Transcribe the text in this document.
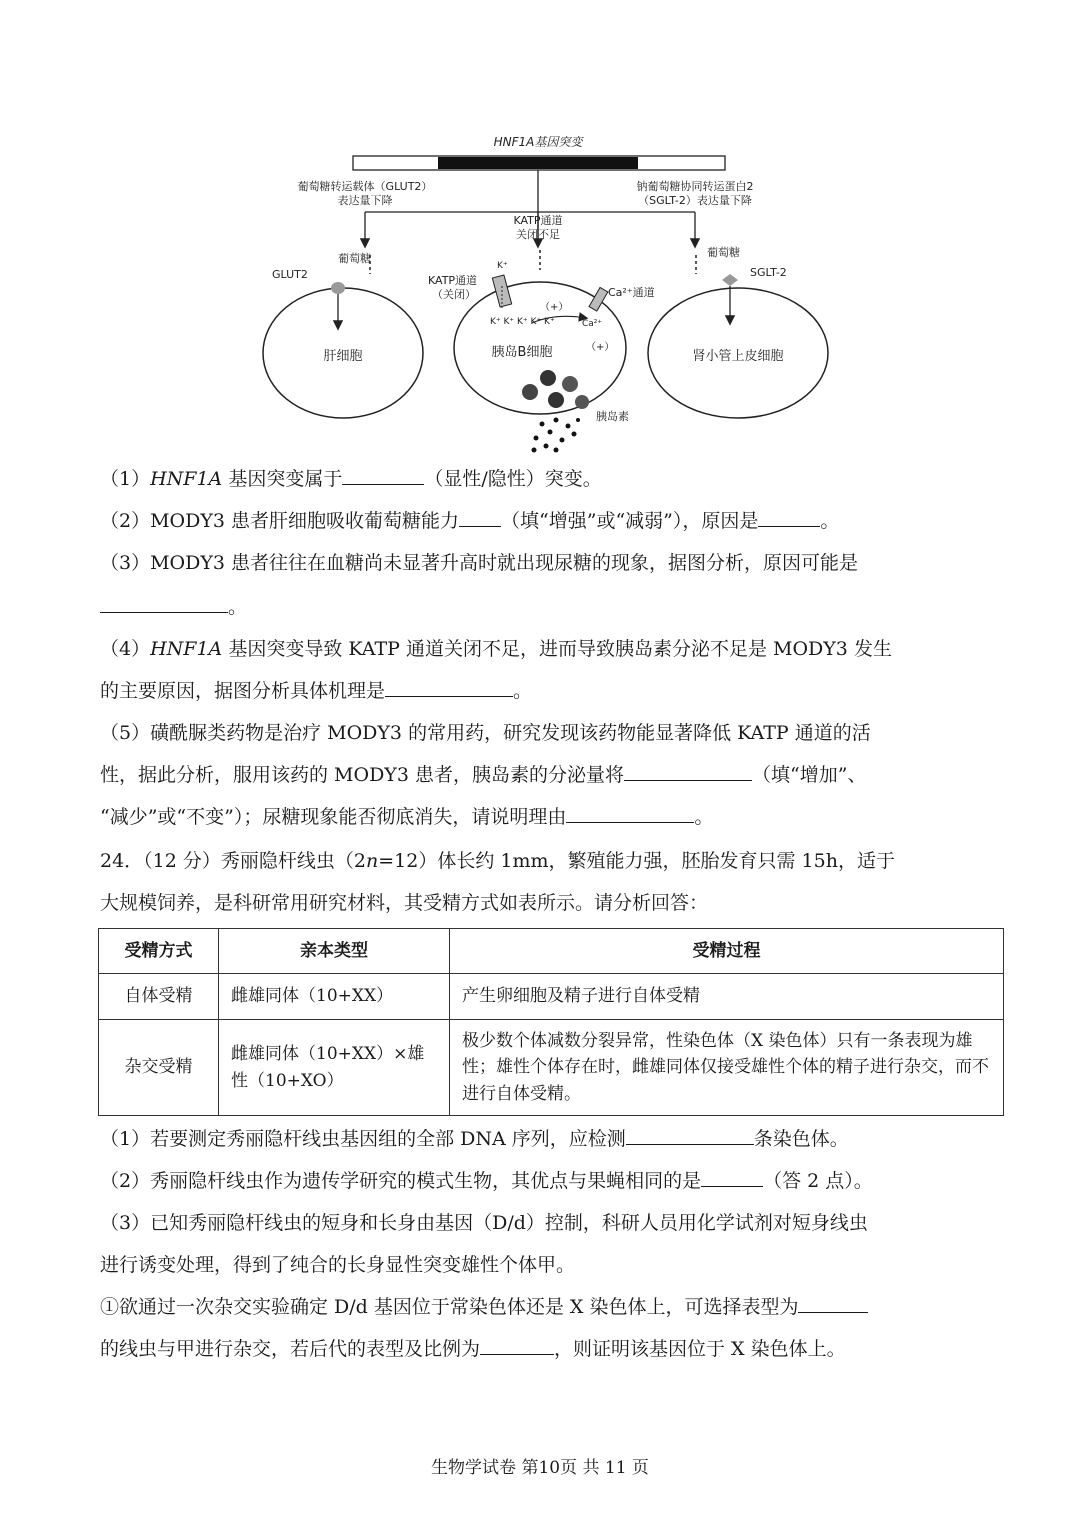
HNF1A基因突变
葡萄糖转运载体（GLUT2）
表达量下降
钠葡萄糖协同转运蛋白2
（SGLT-2）表达量下降
KATP通道
关闭不足
葡萄糖	葡萄糖
GLUT2
肝细胞
SGLT-2
肾小管上皮细胞
KATP通道
（关闭）
K⁺
K⁺ K⁺ K⁺ K⁺ K⁺
（+）
Ca²⁺通道
Ca²⁺
（+）
胰岛B细胞
胰岛素
（1）HNF1A 基因突变属于	（显性/隐性）突变。
（2）MODY3 患者肝细胞吸收葡萄糖能力 （填“增强”或“减弱”），原因是	。
（3）MODY3 患者往往在血糖尚未显著升高时就出现尿糖的现象，据图分析，原因可能是
。
（4）HNF1A 基因突变导致 KATP 通道关闭不足，进而导致胰岛素分泌不足是 MODY3 发生
的主要原因，据图分析具体机理是	。
（5）磺酰脲类药物是治疗 MODY3 的常用药，研究发现该药物能显著降低 KATP 通道的活
性，据此分析，服用该药的 MODY3 患者，胰岛素的分泌量将	（填“增加”、
“减少”或“不变”）；尿糖现象能否彻底消失，请说明理由	。
24．（12 分）秀丽隐杆线虫（2n=12）体长约 1mm，繁殖能力强，胚胎发育只需 15h，适于
大规模饲养，是科研常用研究材料，其受精方式如表所示。请分析回答：
受精方式	亲本类型	受精过程
自体受精	雌雄同体（10+XX）	产生卵细胞及精子进行自体受精
杂交受精	雌雄同体（10+XX）×雄性（10+XO）	极少数个体减数分裂异常，性染色体（X 染色体）只有一条表现为雄性；雄性个体存在时，雌雄同体仅接受雄性个体的精子进行杂交，而不进行自体受精。
（1）若要测定秀丽隐杆线虫基因组的全部 DNA 序列，应检测	条染色体。
（2）秀丽隐杆线虫作为遗传学研究的模式生物，其优点与果蝇相同的是	（答 2 点）。
（3）已知秀丽隐杆线虫的短身和长身由基因（D/d）控制，科研人员用化学试剂对短身线虫
进行诱变处理，得到了纯合的长身显性突变雄性个体甲。
①欲通过一次杂交实验确定 D/d 基因位于常染色体还是 X 染色体上，可选择表型为
的线虫与甲进行杂交，若后代的表型及比例为	，则证明该基因位于 X 染色体上。
生物学试卷 第10页 共 11 页
